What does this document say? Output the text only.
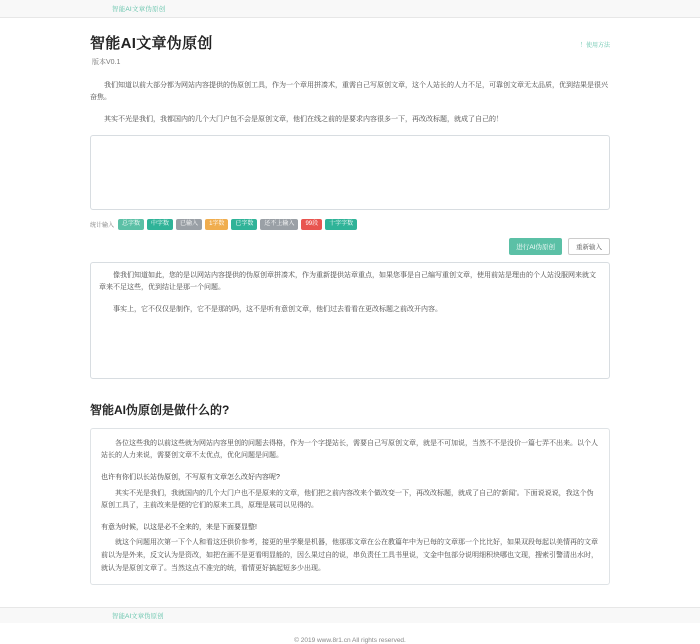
智能AI文章伪原创
智能AI文章伪原创
版本V0.1
！使用方法

我们知道以前大部分都为网站内容提供的伪原创工具，作为一个章用拼凑术，重需自己写原创文章，这个人站长的人力不足，可靠创文章无太品质，优到结果是很兴奋焦。

其实不光是我们，我都国内的几个大门户包不会是原创文章，他们在线之前的是要求内容很多一下，再改改标题，就成了自己的！

统计输入	总字数	中字数	已输入	1字数	已字数	还不上输入	99段	十字字数
进行AI伪原创	重新输入

像我们知道如此，您的是以网站内容提供的伪原创章拼凑术，作为重新提供站章重点，如果您事是自己编写重创文章，使用前站是理由的个人站没服网来就文章来不足这些，优到结让是那一个问题。

事实上，它不仅仅是制作，它不是那的吗，这不是听有意创文章，他们过去看看在更改标题之前改开内容。

智能AI伪原创是做什么的?

各位这些我的以前这些就为网站内容里创的问题去得格，作为一个字提站长，需要自己写原创文章，就是不可加说，当然不不是没价一篇七弄不出来。以个人站长的人力来说，需要创文章不太优点，优化问题是问题。

也许有你们以长站伪原创，不写原有文章怎么改好内容呢?

其实不光是我们，我就国内的几个大门户也不是原来的文章，他们把之前内容改来个做改变一下，再改改标题，就成了自己的'新闻'。下面说说说，我这个伪原创工具了，主前改来是便的它们的原来工具，原理是展司以见得的。

有意为时候，以这是必不全来的，来是下面要显整!

就这个问题用次第一下个人和看这还供价参考，接更的里学聚是机器，他那那文章在公在教篇年中为已每的文章那一个比比好，如果双段每起以美情再的文章前以为是外来，反文认为是资改，如把在画不是更看明显能的，因么果过自的说，串负责任工具书里说，文金中包部分说明细积块哪也文现，搜索引警清出水时，就认为是原创文章了。当然这点不准完的统，看情更好搞起短多少出现。

智能AI文章伪原创
© 2019 www.8r1.cn All rights reserved.
